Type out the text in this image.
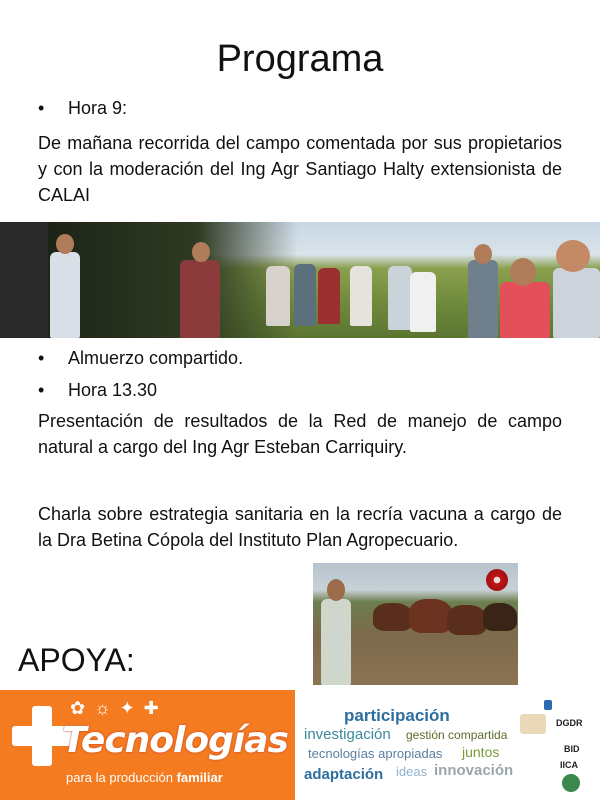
Programa
• Hora 9:
De mañana recorrida del campo comentada por sus propietarios y con la moderación del Ing Agr Santiago Halty extensionista de CALAI
• Almuerzo compartido.
• Hora 13.30
Presentación de resultados de la Red de manejo de campo natural a cargo del Ing Agr Esteban Carriquiry.
Charla sobre estrategia sanitaria en la recría vacuna a cargo de la Dra Betina Cópola del Instituto Plan Agropecuario.
APOYA:
✿ ☼ ✦ ✚
Tecnologías
para la producción familiar
participación
investigación gestión compartida
tecnologías apropiadas juntos
adaptación ideas innovación
DGDR
BID
IICA
